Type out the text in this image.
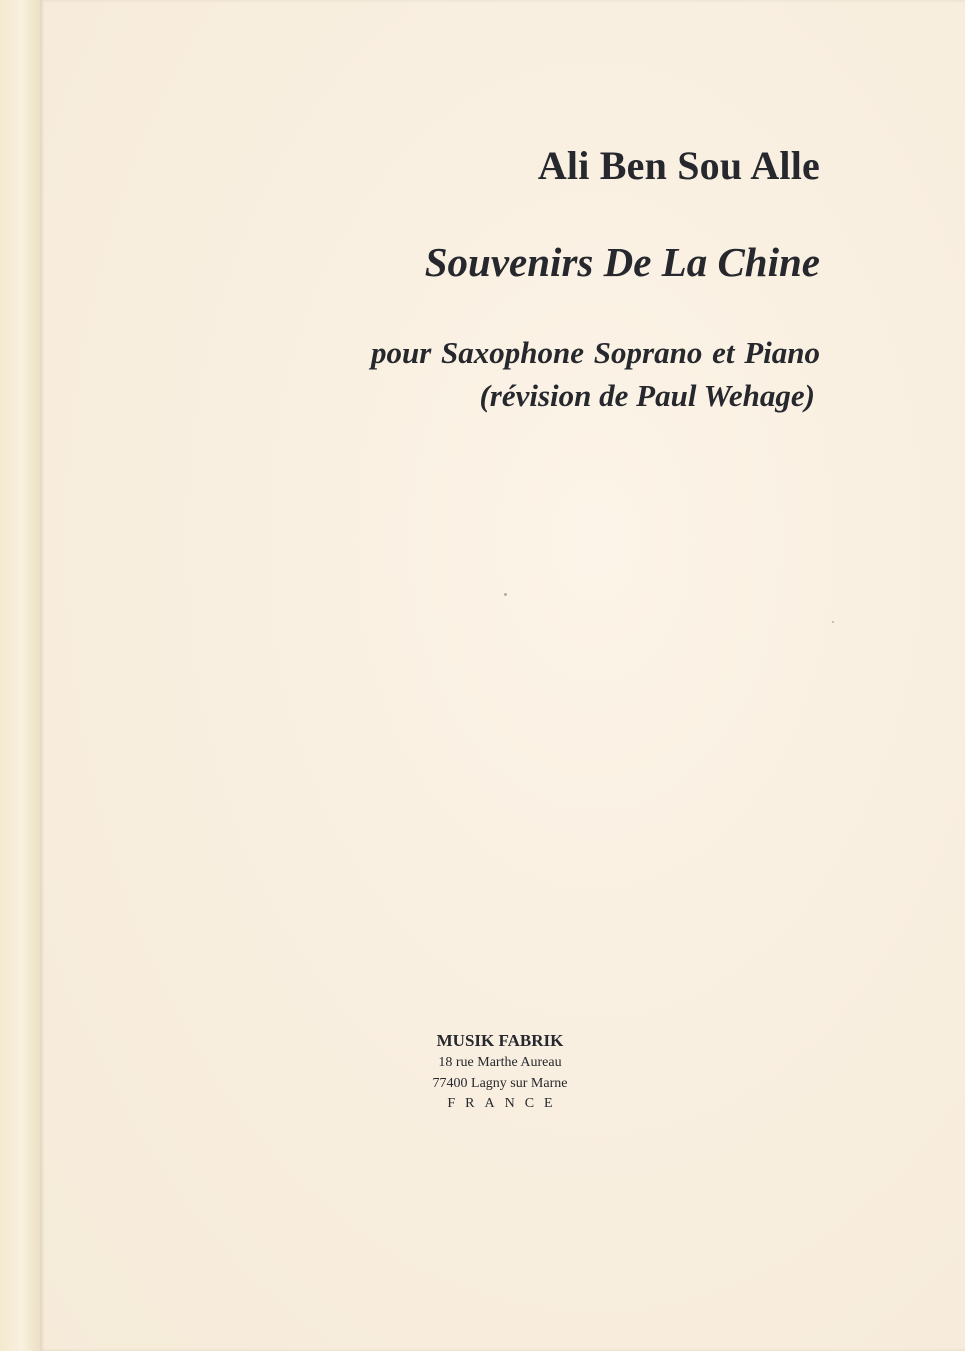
Ali Ben Sou Alle
Souvenirs De La Chine
pour Saxophone Soprano et Piano
(révision de Paul Wehage)
MUSIK FABRIK
18 rue Marthe Aureau
77400 Lagny sur Marne
FRANCE
